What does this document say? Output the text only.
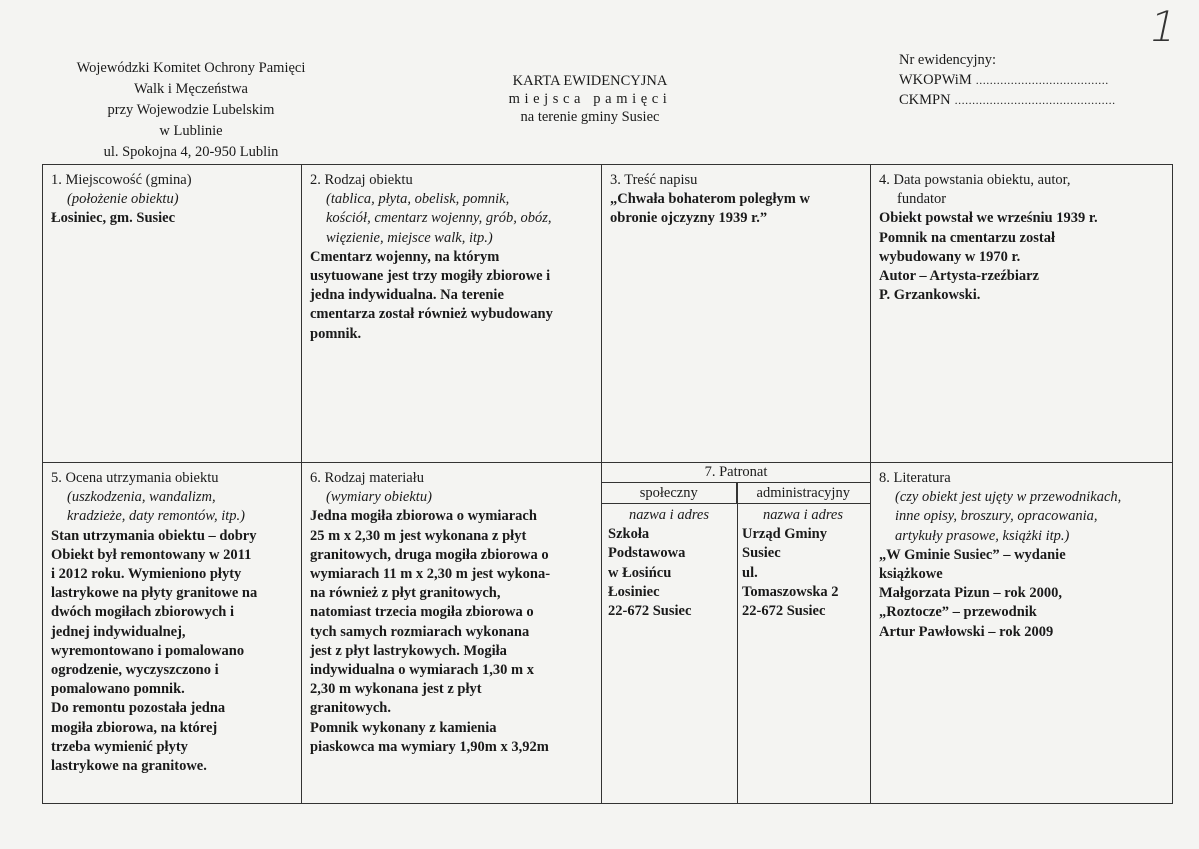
1
Wojewódzki Komitet Ochrony Pamięci
Walk i Męczeństwa
przy Wojewodzie Lubelskim
w Lublinie
ul. Spokojna 4, 20-950 Lublin
KARTA EWIDENCYJNA
miejsca pamięci
na terenie gminy Susiec
Nr ewidencyjny:
WKOPWiM ......................................
CKMPN ..............................................
1. Miejscowość (gmina)
(położenie obiektu)
Łosiniec, gm. Susiec
2. Rodzaj obiektu
(tablica, płyta, obelisk, pomnik,
kościół, cmentarz wojenny, grób, obóz,
więzienie, miejsce walk, itp.)
Cmentarz wojenny, na którym
usytuowane jest trzy mogiły zbiorowe i
jedna indywidualna. Na terenie
cmentarza został również wybudowany
pomnik.
3. Treść napisu
„Chwała bohaterom poległym w
obronie ojczyzny 1939 r.”
4. Data powstania obiektu, autor,
fundator
Obiekt powstał we wrześniu 1939 r.
Pomnik na cmentarzu został
wybudowany w 1970 r.
Autor – Artysta-rzeźbiarz
P. Grzankowski.
5. Ocena utrzymania obiektu
(uszkodzenia, wandalizm,
kradzieże, daty remontów, itp.)
Stan utrzymania obiektu – dobry
Obiekt był remontowany w 2011
i 2012 roku. Wymieniono płyty
lastrykowe na płyty granitowe na
dwóch mogiłach zbiorowych i
jednej indywidualnej,
wyremontowano i pomalowano
ogrodzenie, wyczyszczono i
pomalowano pomnik.
Do remontu pozostała jedna
mogiła zbiorowa, na której
trzeba wymienić płyty
lastrykowe na granitowe.
6. Rodzaj materiału
(wymiary obiektu)
Jedna mogiła zbiorowa o wymiarach
25 m x 2,30 m jest wykonana z płyt
granitowych, druga mogiła zbiorowa o
wymiarach 11 m x 2,30 m jest wykona-
na również z płyt granitowych,
natomiast trzecia mogiła zbiorowa o
tych samych rozmiarach wykonana
jest z płyt lastrykowych. Mogiła
indywidualna o wymiarach 1,30 m x
2,30 m wykonana jest z płyt
granitowych.
Pomnik wykonany z kamienia
piaskowca ma wymiary 1,90m x 3,92m
7. Patronat
społeczny	administracyjny
nazwa i adres
Szkoła
Podstawowa
w Łosińcu
Łosiniec
22-672 Susiec
nazwa i adres
Urząd Gminy
Susiec
ul.
Tomaszowska 2
22-672 Susiec
8. Literatura
(czy obiekt jest ujęty w przewodnikach,
inne opisy, broszury, opracowania,
artykuły prasowe, książki itp.)
„W Gminie Susiec” – wydanie
książkowe
Małgorzata Pizun – rok 2000,
„Roztocze” – przewodnik
Artur Pawłowski – rok 2009
